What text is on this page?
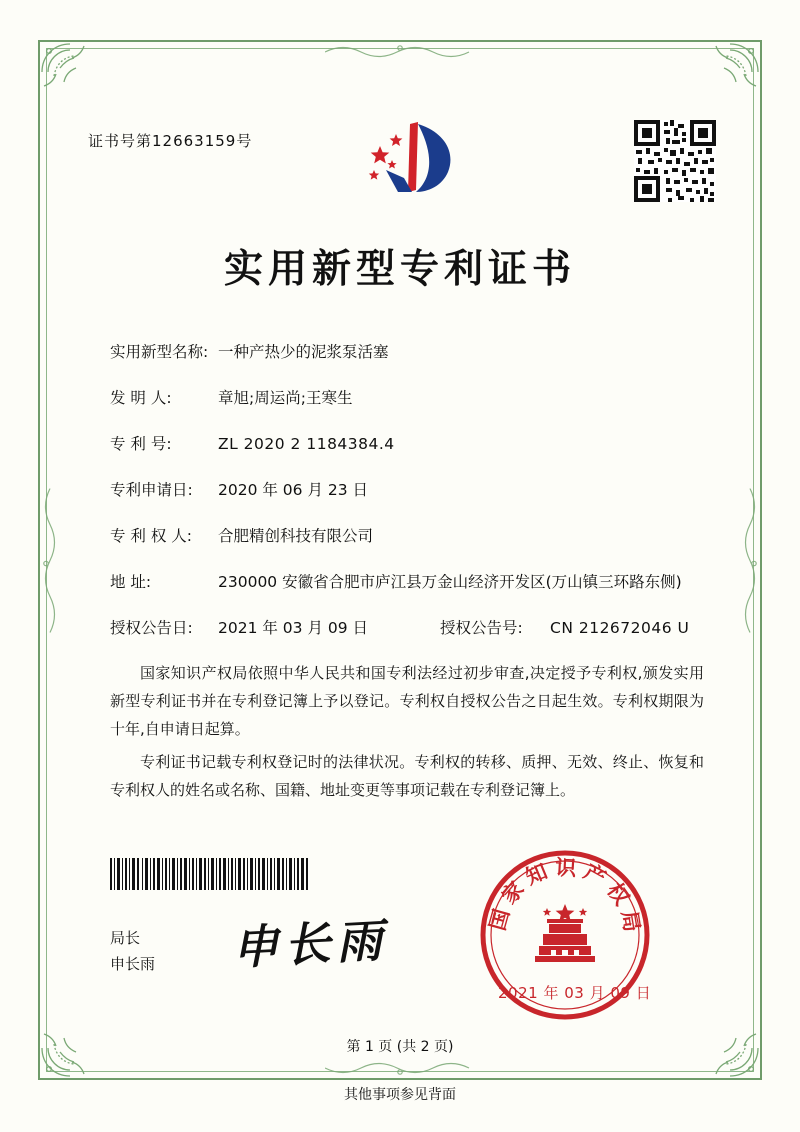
证书号第12663159号
实用新型专利证书
实用新型名称: 一种产热少的泥浆泵活塞
发 明 人:	章旭;周运尚;王寒生
专 利 号:	ZL 2020 2 1184384.4
专利申请日:	2020 年 06 月 23 日
专 利 权 人:	合肥精创科技有限公司
地 址:	230000 安徽省合肥市庐江县万金山经济开发区(万山镇三环路东侧)
授权公告日:	2021 年 03 月 09 日	授权公告号:	CN 212672046 U

国家知识产权局依照中华人民共和国专利法经过初步审查,决定授予专利权,颁发实用新型专利证书并在专利登记簿上予以登记。专利权自授权公告之日起生效。专利权期限为十年,自申请日起算。

专利证书记载专利权登记时的法律状况。专利权的转移、质押、无效、终止、恢复和专利权人的姓名或名称、国籍、地址变更等事项记载在专利登记簿上。

局长
申长雨 申长雨	国家知识产权局
2021 年 03 月 09 日
第 1 页 (共 2 页)
其他事项参见背面
